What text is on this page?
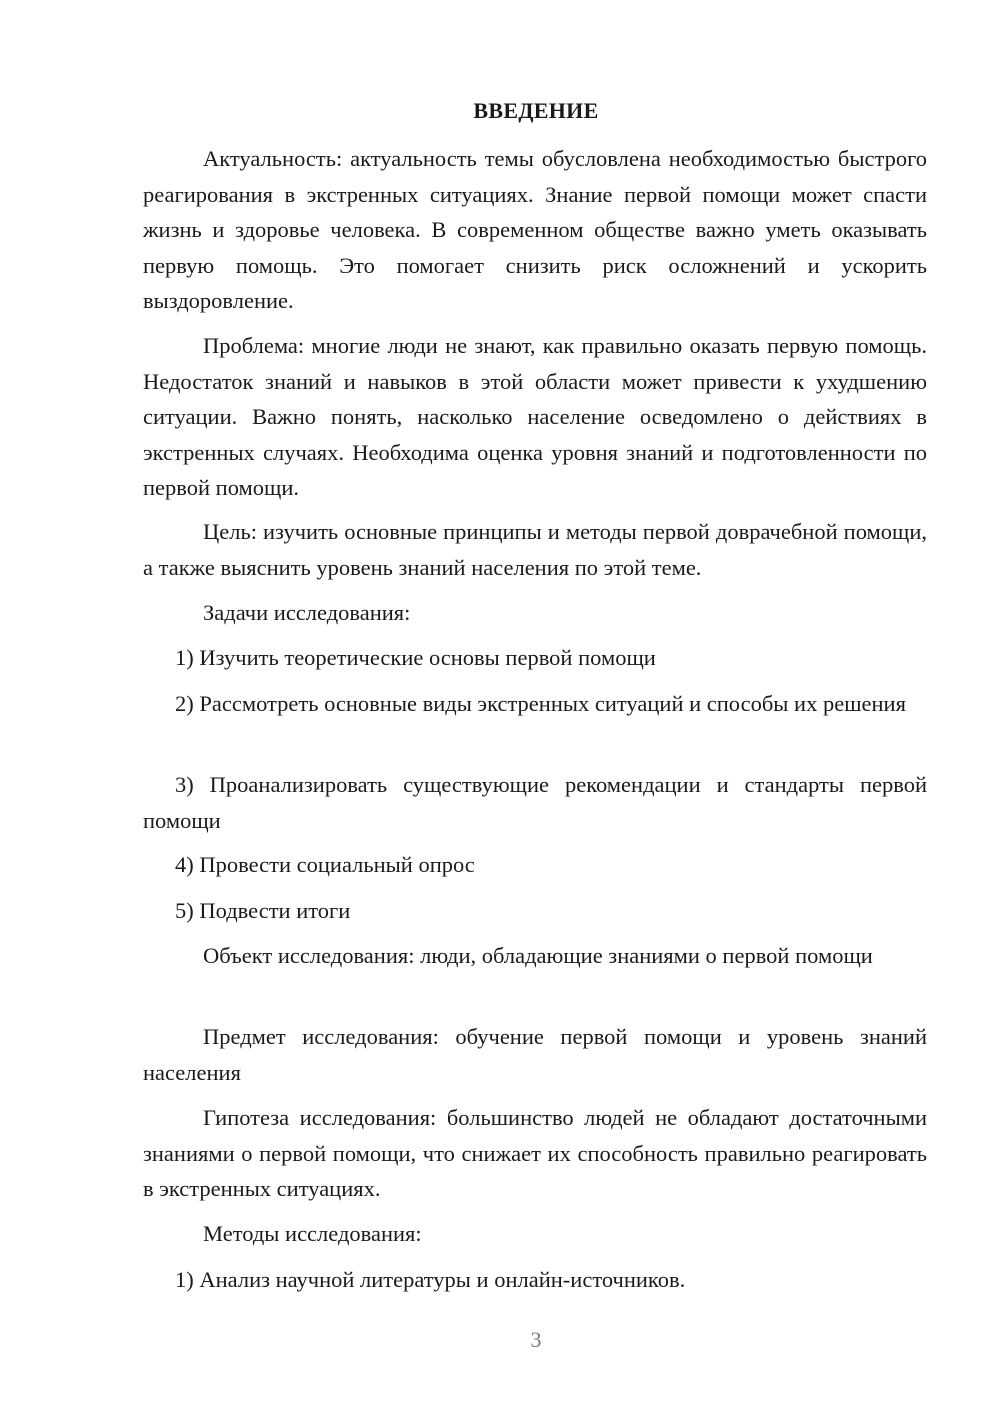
ВВЕДЕНИЕ

Актуальность: актуальность темы обусловлена необходимостью быстрого реагирования в экстренных ситуациях. Знание первой помощи может спасти жизнь и здоровье человека. В современном обществе важно уметь оказывать первую помощь. Это помогает снизить риск осложнений и ускорить выздоровление.

Проблема: многие люди не знают, как правильно оказать первую помощь. Недостаток знаний и навыков в этой области может привести к ухудшению ситуации. Важно понять, насколько население осведомлено о действиях в экстренных случаях. Необходима оценка уровня знаний и подготовленности по первой помощи.

Цель: изучить основные принципы и методы первой доврачебной помощи, а также выяснить уровень знаний населения по этой теме.

Задачи исследования:

1) Изучить теоретические основы первой помощи

2) Рассмотреть основные виды экстренных ситуаций и способы их решения

3) Проанализировать существующие рекомендации и стандарты первой помощи

4) Провести социальный опрос

5) Подвести итоги

Объект исследования: люди, обладающие знаниями о первой помощи

Предмет исследования: обучение первой помощи и уровень знаний населения

Гипотеза исследования: большинство людей не обладают достаточными знаниями о первой помощи, что снижает их способность правильно реагировать в экстренных ситуациях.

Методы исследования:

1) Анализ научной литературы и онлайн-источников.

3
